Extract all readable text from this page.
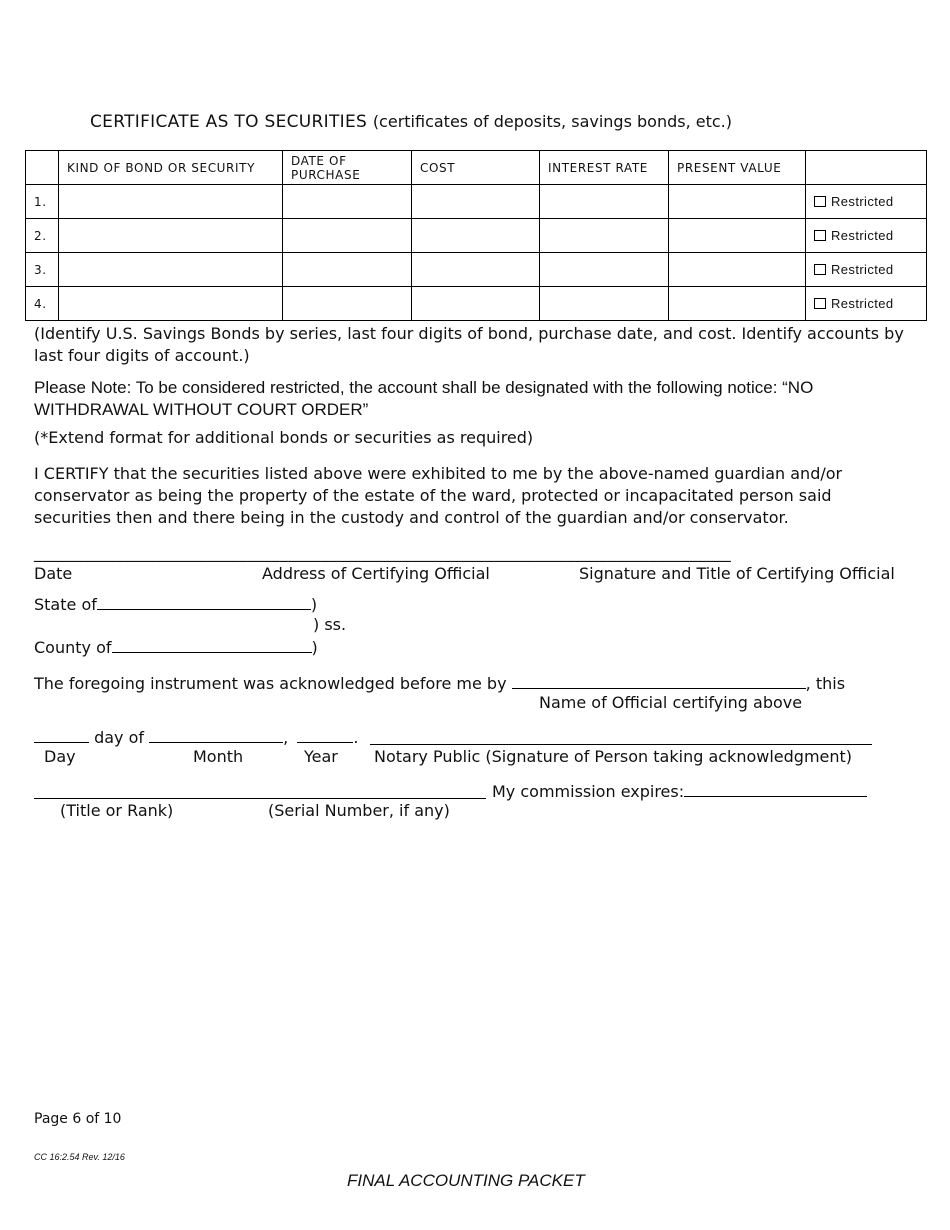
CERTIFICATE AS TO SECURITIES (certificates of deposits, savings bonds, etc.)
	KIND OF BOND OR SECURITY	DATE OF PURCHASE	COST	INTEREST RATE	PRESENT VALUE	
1.						Restricted
2.						Restricted
3.						Restricted
4.						Restricted
(Identify U.S. Savings Bonds by series, last four digits of bond, purchase date, and cost. Identify accounts by last four digits of account.)
Please Note: To be considered restricted, the account shall be designated with the following notice: “NO WITHDRAWAL WITHOUT COURT ORDER”
(*Extend format for additional bonds or securities as required)
I CERTIFY that the securities listed above were exhibited to me by the above-named guardian and/or conservator as being the property of the estate of the ward, protected or incapacitated person said securities then and there being in the custody and control of the guardian and/or conservator.
_____________________________________________________________________________________
Date	Address of Certifying Official	Signature and Title of Certifying Official
State of	)
) ss.
County of	)
The foregoing instrument was acknowledged before me by	, this
Name of Official certifying above
day of	,	.
Day	Month	Year Notary Public (Signature of Person taking acknowledgment)
My commission expires:
(Title or Rank)	(Serial Number, if any)
Page 6 of 10
CC 16:2.54 Rev. 12/16
FINAL ACCOUNTING PACKET
